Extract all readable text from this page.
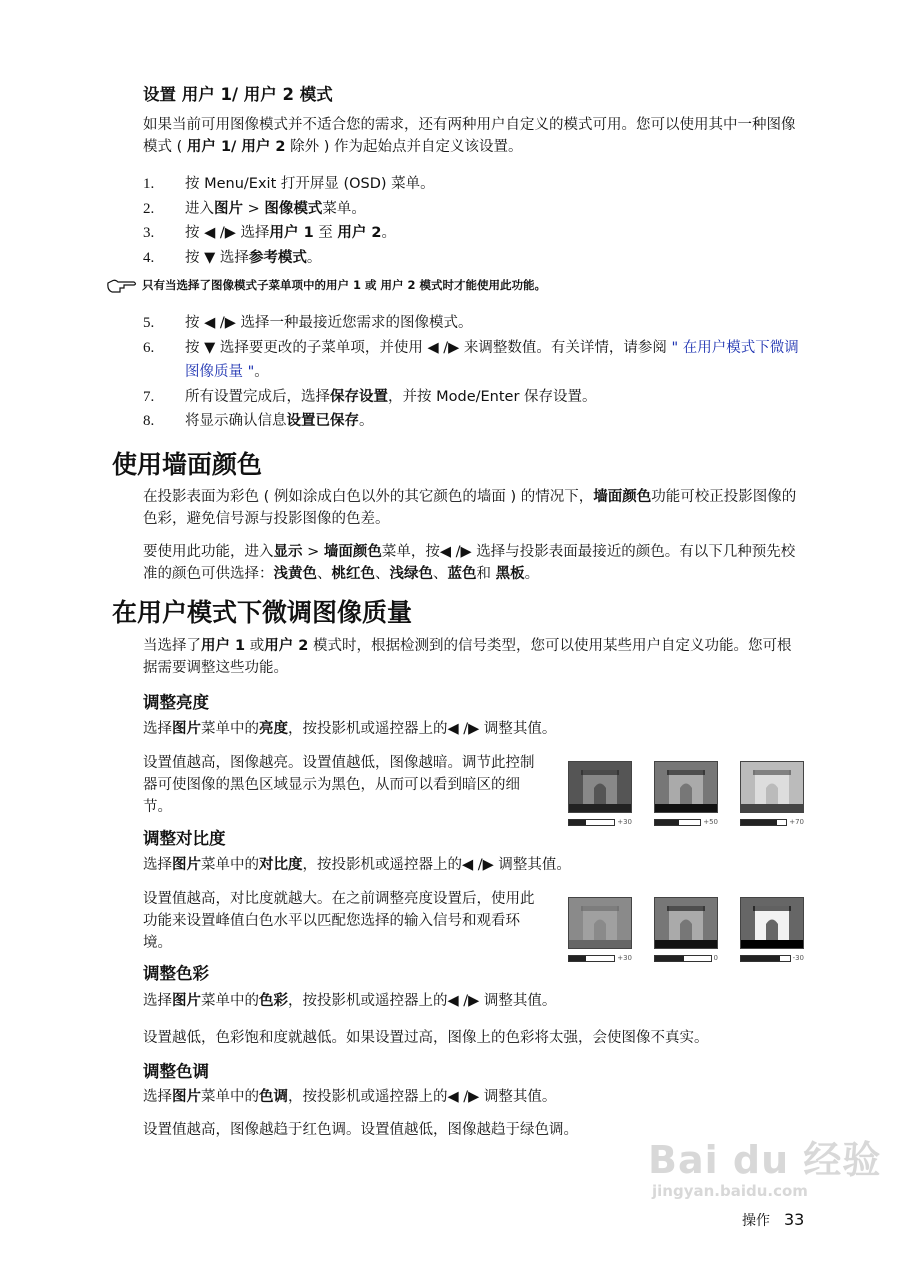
设置 用户 1/ 用户 2 模式
如果当前可用图像模式并不适合您的需求，还有两种用户自定义的模式可用。您可以使用其中一种图像模式 ( 用户 1/ 用户 2 除外 ) 作为起始点并自定义该设置。
1.	按 Menu/Exit 打开屏显 (OSD) 菜单。
2.	进入图片 > 图像模式菜单。
3.	按 ◀ /▶ 选择用户 1 至 用户 2。
4.	按 ▼ 选择参考模式。
只有当选择了图像模式子菜单项中的用户 1 或 用户 2 模式时才能使用此功能。
5.	按 ◀ /▶ 选择一种最接近您需求的图像模式。
6.	按 ▼ 选择要更改的子菜单项，并使用 ◀ /▶ 来调整数值。有关详情，请参阅 " 在用户模式下微调图像质量 "。
7.	所有设置完成后，选择保存设置，并按 Mode/Enter 保存设置。
8.	将显示确认信息设置已保存。
使用墙面颜色
在投影表面为彩色 ( 例如涂成白色以外的其它颜色的墙面 ) 的情况下，墙面颜色功能可校正投影图像的色彩，避免信号源与投影图像的色差。
要使用此功能，进入显示 > 墙面颜色菜单，按◀ /▶ 选择与投影表面最接近的颜色。有以下几种预先校准的颜色可供选择：浅黄色、桃红色、浅绿色、蓝色和 黑板。
在用户模式下微调图像质量
当选择了用户 1 或用户 2 模式时，根据检测到的信号类型，您可以使用某些用户自定义功能。您可根据需要调整这些功能。
调整亮度
选择图片菜单中的亮度，按投影机或遥控器上的◀ /▶ 调整其值。
设置值越高，图像越亮。设置值越低，图像越暗。调节此控制器可使图像的黑色区域显示为黑色，从而可以看到暗区的细节。
+30	+50	+70
调整对比度
选择图片菜单中的对比度，按投影机或遥控器上的◀ /▶ 调整其值。
设置值越高，对比度就越大。在之前调整亮度设置后，使用此功能来设置峰值白色水平以匹配您选择的输入信号和观看环境。
+30	0	-30
调整色彩
选择图片菜单中的色彩，按投影机或遥控器上的◀ /▶ 调整其值。
设置越低，色彩饱和度就越低。如果设置过高，图像上的色彩将太强，会使图像不真实。
调整色调
选择图片菜单中的色调，按投影机或遥控器上的◀ /▶ 调整其值。
设置值越高，图像越趋于红色调。设置值越低，图像越趋于绿色调。
Bai du 经验
jingyan.baidu.com
操作 33
